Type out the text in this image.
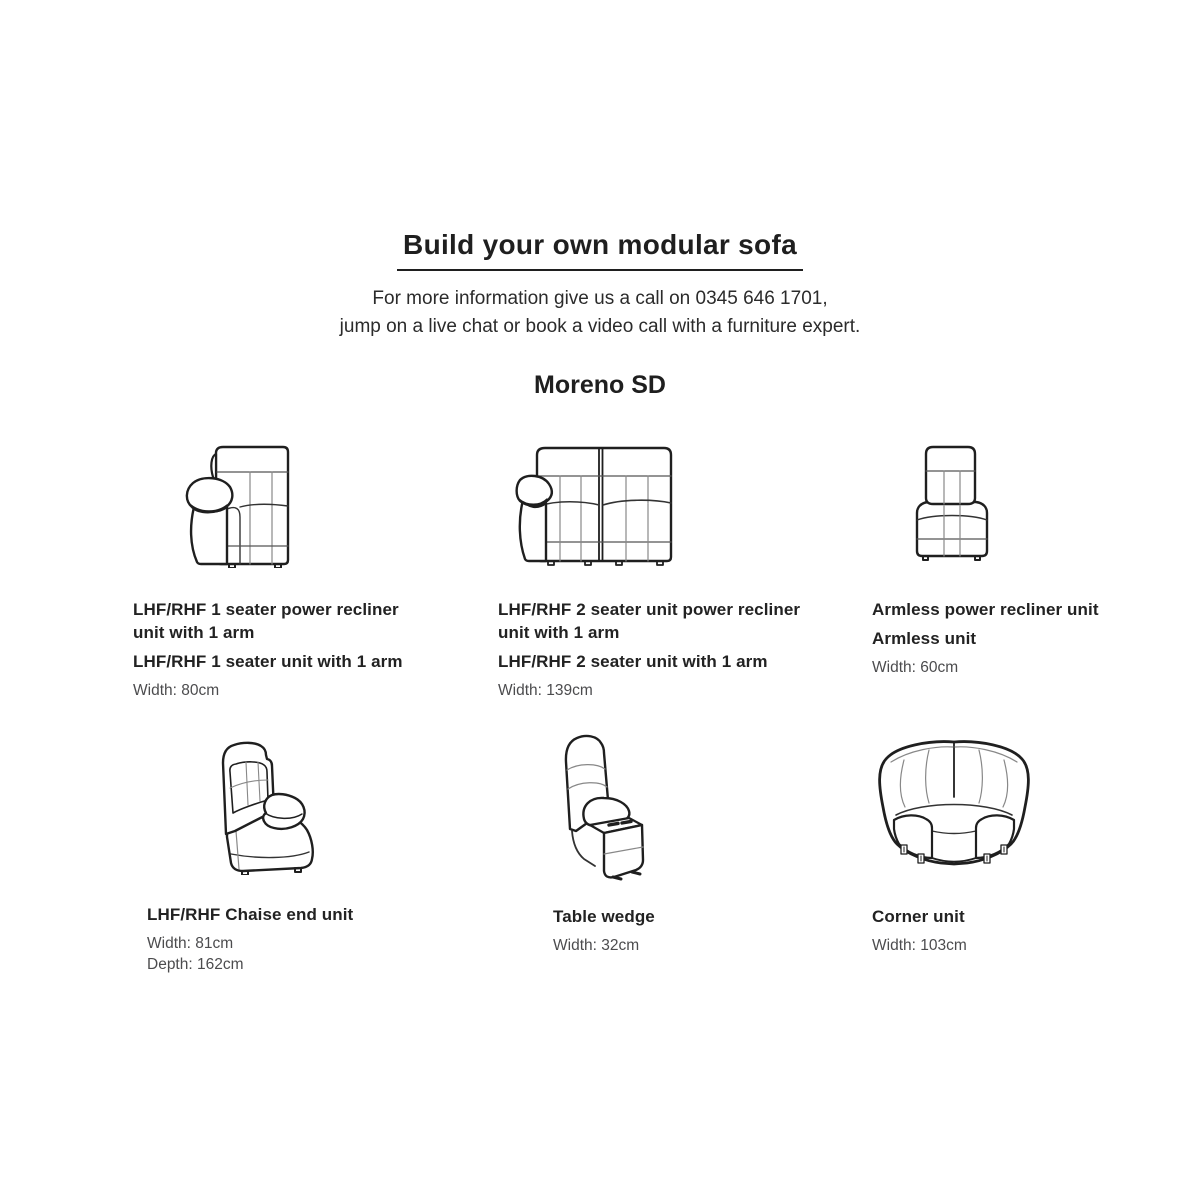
Build your own modular sofa
For more information give us a call on 0345 646 1701,
jump on a live chat or book a video call with a furniture expert.
Moreno SD

LHF/RHF 1 seater power recliner
unit with 1 arm

LHF/RHF 1 seater unit with 1 arm

Width: 80cm

LHF/RHF 2 seater unit power recliner
unit with 1 arm

LHF/RHF 2 seater unit with 1 arm

Width: 139cm

Armless power recliner unit

Armless unit

Width: 60cm

LHF/RHF Chaise end unit

Width: 81cm

Depth: 162cm

Table wedge

Width: 32cm

Corner unit

Width: 103cm
